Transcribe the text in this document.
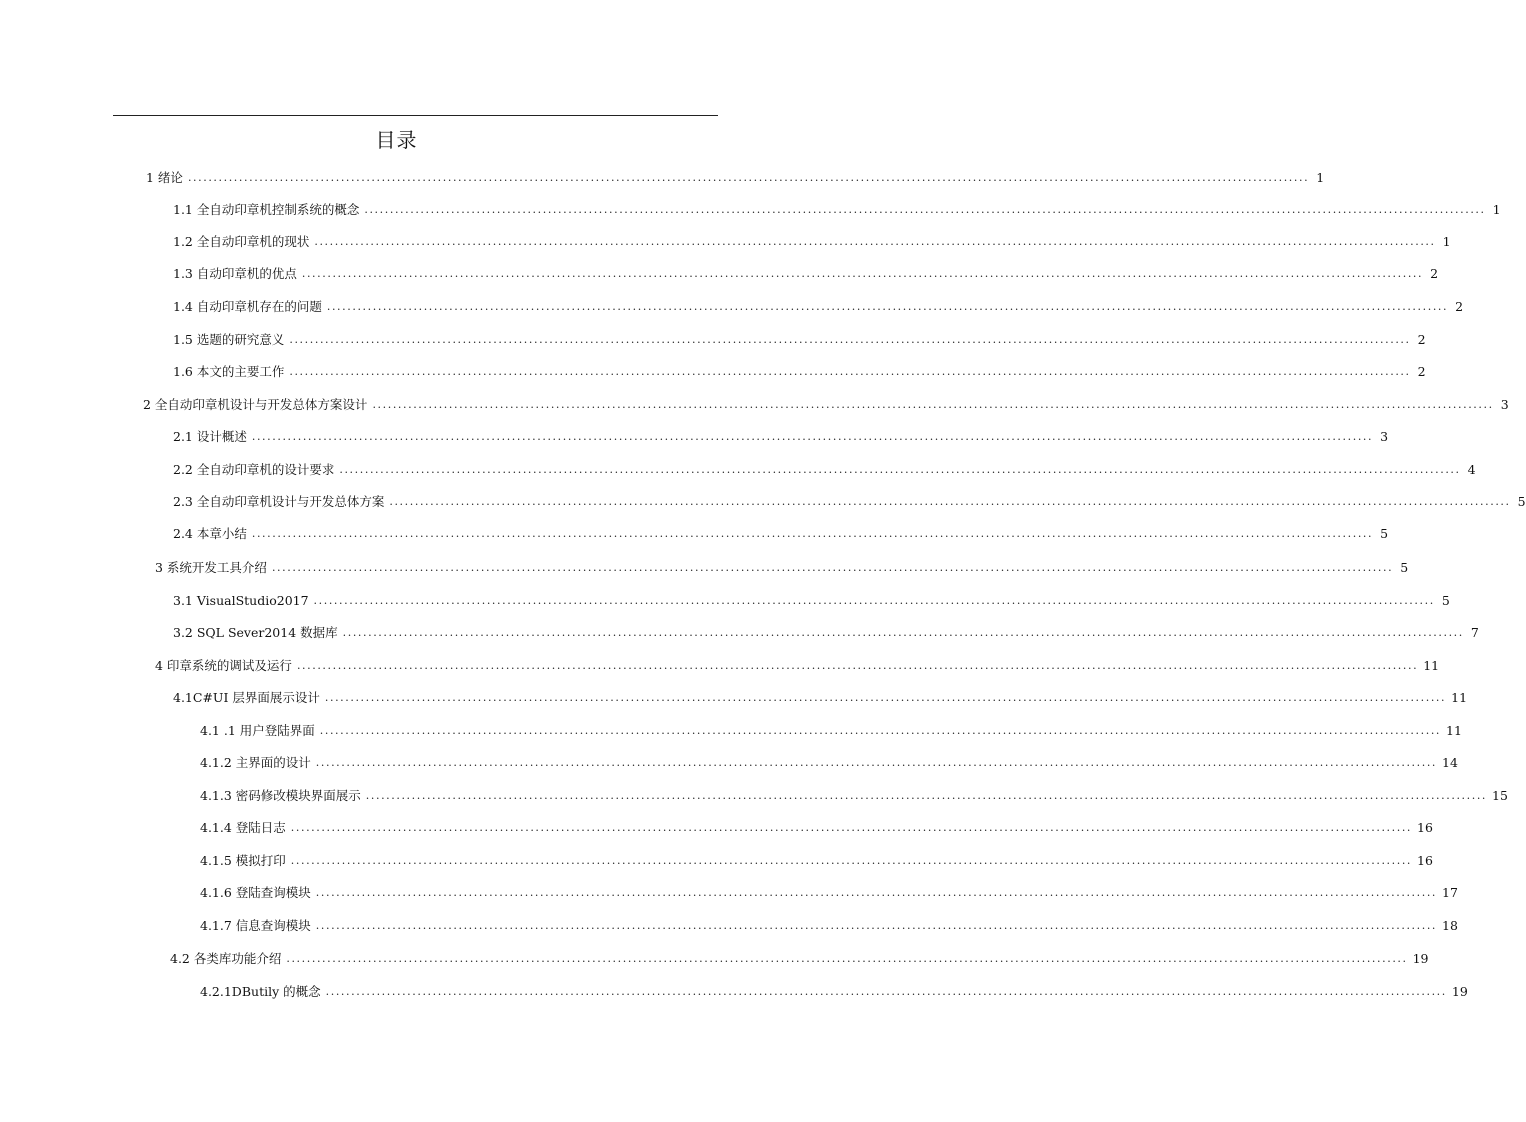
目录
1 绪论 ............................................................................................................................................................................................................................ 1
1.1 全自动印章机控制系统的概念 ............................................................................................................................................................................................................................ 1
1.2 全自动印章机的现状 ............................................................................................................................................................................................................................ 1
1.3 自动印章机的优点 ............................................................................................................................................................................................................................ 2
1.4 自动印章机存在的问题 ............................................................................................................................................................................................................................ 2
1.5 选题的研究意义 ............................................................................................................................................................................................................................ 2
1.6 本文的主要工作 ............................................................................................................................................................................................................................ 2
2 全自动印章机设计与开发总体方案设计 ............................................................................................................................................................................................................................ 3
2.1 设计概述 ............................................................................................................................................................................................................................ 3
2.2 全自动印章机的设计要求 ............................................................................................................................................................................................................................ 4
2.3 全自动印章机设计与开发总体方案 ............................................................................................................................................................................................................................ 5
2.4 本章小结 ............................................................................................................................................................................................................................ 5
3 系统开发工具介绍 ............................................................................................................................................................................................................................ 5
3.1 VisualStudio2017 ............................................................................................................................................................................................................................ 5
3.2 SQL Sever2014 数据库 ............................................................................................................................................................................................................................ 7
4 印章系统的调试及运行 ............................................................................................................................................................................................................................ 11
4.1C#UI 层界面展示设计 ............................................................................................................................................................................................................................ 11
4.1 .1 用户登陆界面 ............................................................................................................................................................................................................................ 11
4.1.2 主界面的设计 ............................................................................................................................................................................................................................ 14
4.1.3 密码修改模块界面展示 ............................................................................................................................................................................................................................ 15
4.1.4 登陆日志 ............................................................................................................................................................................................................................ 16
4.1.5 模拟打印 ............................................................................................................................................................................................................................ 16
4.1.6 登陆查询模块 ............................................................................................................................................................................................................................ 17
4.1.7 信息查询模块 ............................................................................................................................................................................................................................ 18
4.2 各类库功能介绍 ............................................................................................................................................................................................................................ 19
4.2.1DButily 的概念 ............................................................................................................................................................................................................................ 19
